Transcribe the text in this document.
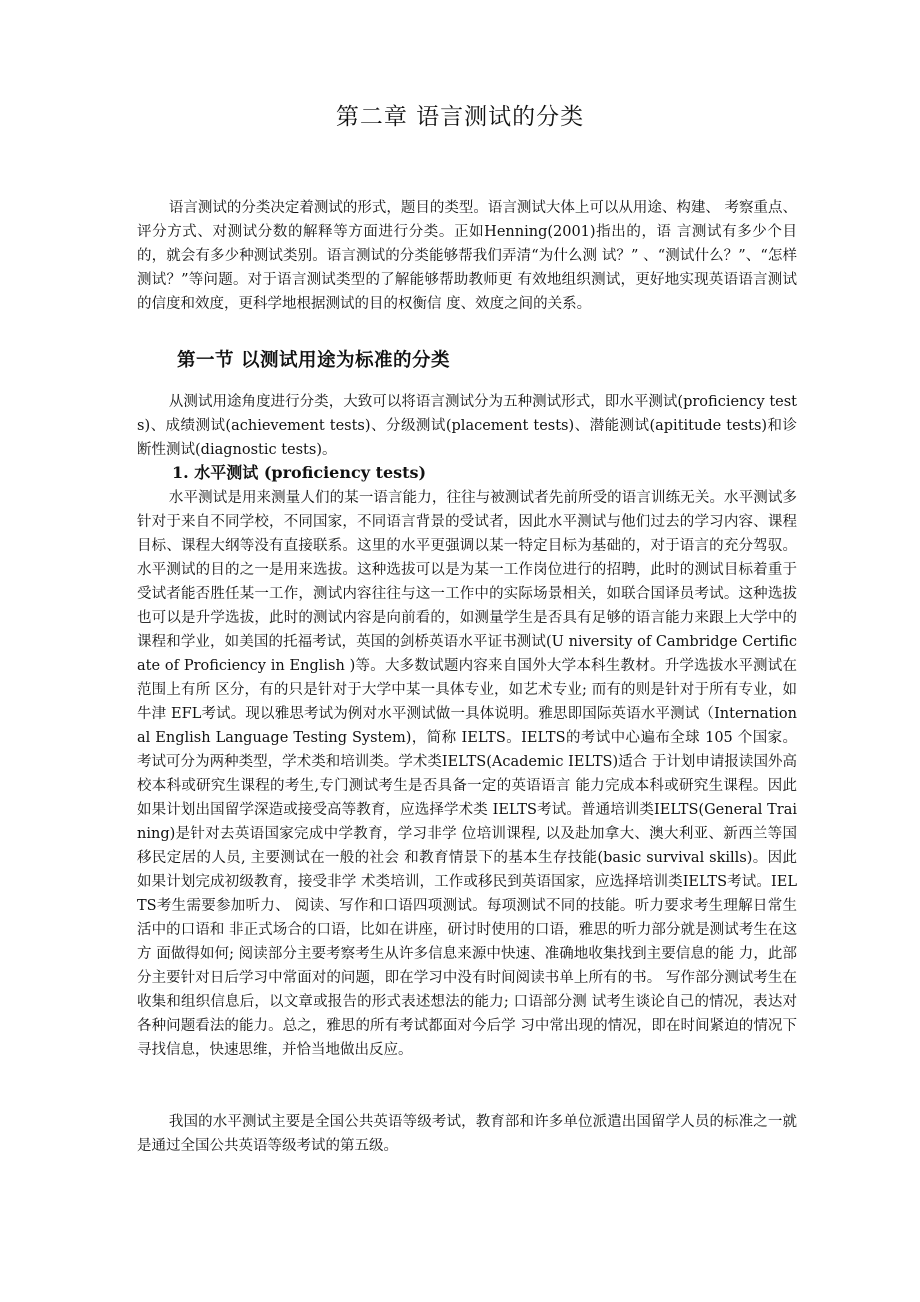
第二章 语言测试的分类

语言测试的分类决定着测试的形式，题目的类型。语言测试大体上可以从用途、构建、 考察重点、评分方式、对测试分数的解释等方面进行分类。正如Henning(2001)指出的，语 言测试有多少个目的，就会有多少种测试类别。语言测试的分类能够帮我们弄清“为什么测 试？” 、“测试什么？”、“怎样测试？”等问题。对于语言测试类型的了解能够帮助教师更 有效地组织测试，更好地实现英语语言测试的信度和效度，更科学地根据测试的目的权衡信 度、效度之间的关系。

第一节 以测试用途为标准的分类

从测试用途角度进行分类，大致可以将语言测试分为五种测试形式，即水平测试(proficiency tests)、成绩测试(achievement tests)、分级测试(placement tests)、潜能测试(apititude tests)和诊断性测试(diagnostic tests)。

1. 水平测试 (proficiency tests)

水平测试是用来测量人们的某一语言能力，往往与被测试者先前所受的语言训练无关。水平测试多针对于来自不同学校，不同国家，不同语言背景的受试者，因此水平测试与他们过去的学习内容、课程目标、课程大纲等没有直接联系。这里的水平更强调以某一特定目标为基础的，对于语言的充分驾驭。水平测试的目的之一是用来选拔。这种选拔可以是为某一工作岗位进行的招聘，此时的测试目标着重于受试者能否胜任某一工作，测试内容往往与这一工作中的实际场景相关，如联合国译员考试。这种选拔也可以是升学选拔，此时的测试内容是向前看的，如测量学生是否具有足够的语言能力来跟上大学中的课程和学业，如美国的托福考试，英国的剑桥英语水平证书测试(U niversity of Cambridge Certificate of Proficiency in English )等。大多数试题内容来自国外大学本科生教材。升学选拔水平测试在范围上有所 区分，有的只是针对于大学中某一具体专业，如艺术专业; 而有的则是针对于所有专业，如 牛津 EFL考试。现以雅思考试为例对水平测试做一具体说明。雅思即国际英语水平测试（International English Language Testing System)，简称 IELTS。IELTS的考试中心遍布全球 105 个国家。考试可分为两种类型，学术类和培训类。学术类IELTS(Academic IELTS)适合 于计划申请报读国外高校本科或研究生课程的考生,专门测试考生是否具备一定的英语语言 能力完成本科或研究生课程。因此如果计划出国留学深造或接受高等教育，应选择学术类 IELTS考试。普通培训类IELTS(General Training)是针对去英语国家完成中学教育，学习非学 位培训课程, 以及赴加拿大、澳大利亚、新西兰等国移民定居的人员, 主要测试在一般的社会 和教育情景下的基本生存技能(basic survival skills)。因此如果计划完成初级教育，接受非学 术类培训，工作或移民到英语国家，应选择培训类IELTS考试。IELTS考生需要参加听力、 阅读、写作和口语四项测试。每项测试不同的技能。听力要求考生理解日常生活中的口语和 非正式场合的口语，比如在讲座，研讨时使用的口语，雅思的听力部分就是测试考生在这方 面做得如何; 阅读部分主要考察考生从许多信息来源中快速、准确地收集找到主要信息的能 力，此部分主要针对日后学习中常面对的问题，即在学习中没有时间阅读书单上所有的书。 写作部分测试考生在收集和组织信息后，以文章或报告的形式表述想法的能力; 口语部分测 试考生谈论自己的情况，表达对各种问题看法的能力。总之，雅思的所有考试都面对今后学 习中常出现的情况，即在时间紧迫的情况下寻找信息，快速思维，并恰当地做出反应。

我国的水平测试主要是全国公共英语等级考试，教育部和许多单位派遣出国留学人员的标准之一就是通过全国公共英语等级考试的第五级。
